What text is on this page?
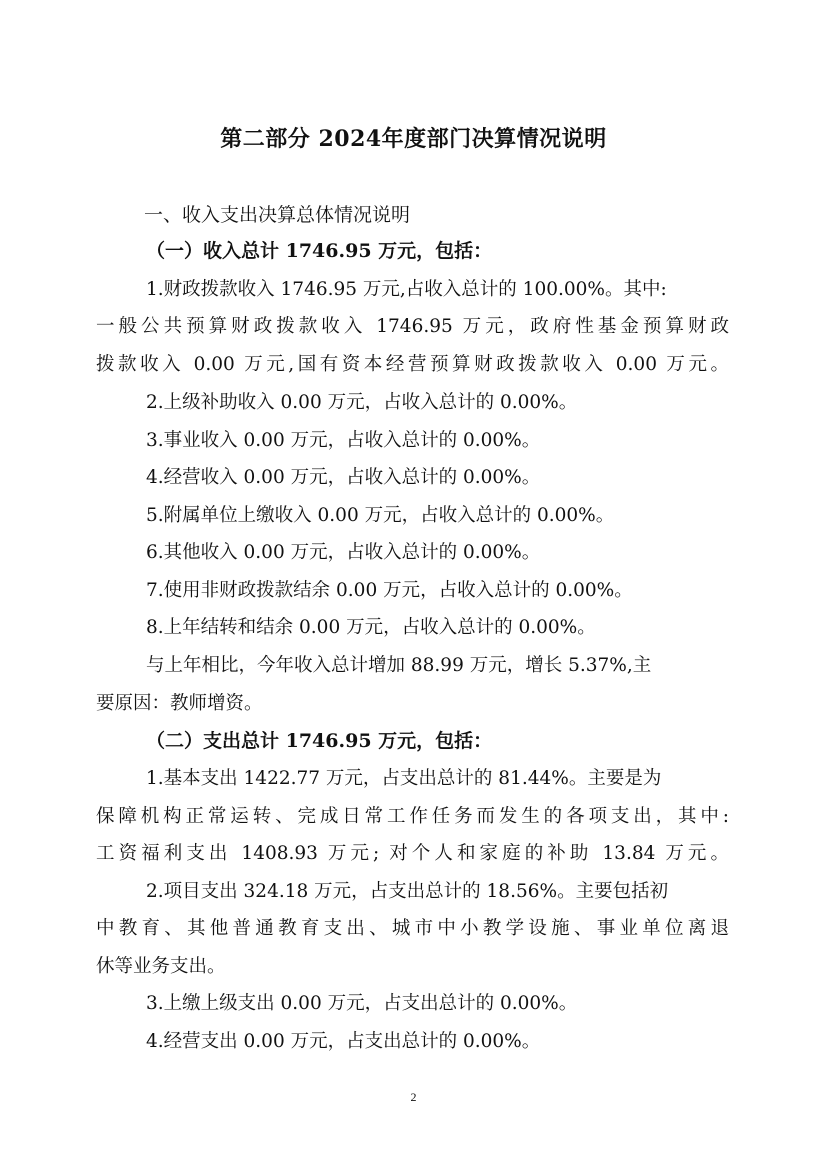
第二部分 2024年度部门决算情况说明
一、收入支出决算总体情况说明
（一）收入总计 1746.95 万元，包括：
1.财政拨款收入 1746.95 万元,占收入总计的 100.00%。其中:
一般公共预算财政拨款收入 1746.95 万元，政府性基金预算财政
拨款收入 0.00 万元,国有资本经营预算财政拨款收入 0.00 万元。
2.上级补助收入 0.00 万元，占收入总计的 0.00%。
3.事业收入 0.00 万元，占收入总计的 0.00%。
4.经营收入 0.00 万元，占收入总计的 0.00%。
5.附属单位上缴收入 0.00 万元，占收入总计的 0.00%。
6.其他收入 0.00 万元，占收入总计的 0.00%。
7.使用非财政拨款结余 0.00 万元，占收入总计的 0.00%。
8.上年结转和结余 0.00 万元，占收入总计的 0.00%。
与上年相比，今年收入总计增加 88.99 万元，增长 5.37%,主
要原因：教师增资。
（二）支出总计 1746.95 万元，包括：
1.基本支出 1422.77 万元，占支出总计的 81.44%。主要是为
保障机构正常运转、完成日常工作任务而发生的各项支出，其中:
工资福利支出 1408.93 万元; 对个人和家庭的补助 13.84 万元。
2.项目支出 324.18 万元，占支出总计的 18.56%。主要包括初
中教育、其他普通教育支出、城市中小教学设施、事业单位离退
休等业务支出。
3.上缴上级支出 0.00 万元，占支出总计的 0.00%。
4.经营支出 0.00 万元，占支出总计的 0.00%。
2
